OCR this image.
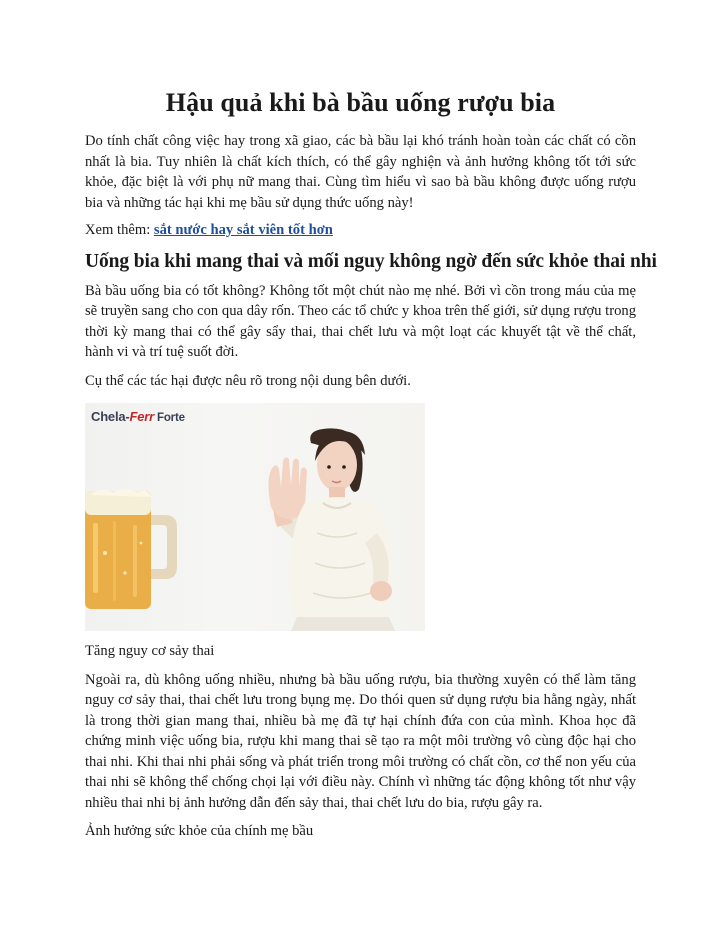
Hậu quả khi bà bầu uống rượu bia

Do tính chất công việc hay trong xã giao, các bà bầu lại khó tránh hoàn toàn các chất có cồn nhất là bia. Tuy nhiên là chất kích thích, có thể gây nghiện và ảnh hưởng không tốt tới sức khỏe, đặc biệt là với phụ nữ mang thai. Cùng tìm hiểu vì sao bà bầu không được uống rượu bia và những tác hại khi mẹ bầu sử dụng thức uống này!

Xem thêm: sắt nước hay sắt viên tốt hơn

Uống bia khi mang thai và mối nguy không ngờ đến sức khỏe thai nhi

Bà bầu uống bia có tốt không? Không tốt một chút nào mẹ nhé. Bởi vì cồn trong máu của mẹ sẽ truyền sang cho con qua dây rốn. Theo các tổ chức y khoa trên thế giới, sử dụng rượu trong thời kỳ mang thai có thể gây sẩy thai, thai chết lưu và một loạt các khuyết tật về thể chất, hành vi và trí tuệ suốt đời.

Cụ thể các tác hại được nêu rõ trong nội dung bên dưới.

Chela-Ferr Forte

Tăng nguy cơ sảy thai

Ngoài ra, dù không uống nhiều, nhưng bà bầu uống rượu, bia thường xuyên có thể làm tăng nguy cơ sảy thai, thai chết lưu trong bụng mẹ. Do thói quen sử dụng rượu bia hằng ngày, nhất là trong thời gian mang thai, nhiều bà mẹ đã tự hại chính đứa con của mình. Khoa học đã chứng minh việc uống bia, rượu khi mang thai sẽ tạo ra một môi trường vô cùng độc hại cho thai nhi. Khi thai nhi phải sống và phát triển trong môi trường có chất cồn, cơ thể non yếu của thai nhi sẽ không thể chống chọi lại với điều này. Chính vì những tác động không tốt như vậy nhiều thai nhi bị ảnh hưởng dẫn đến sảy thai, thai chết lưu do bia, rượu gây ra.

Ảnh hưởng sức khỏe của chính mẹ bầu
